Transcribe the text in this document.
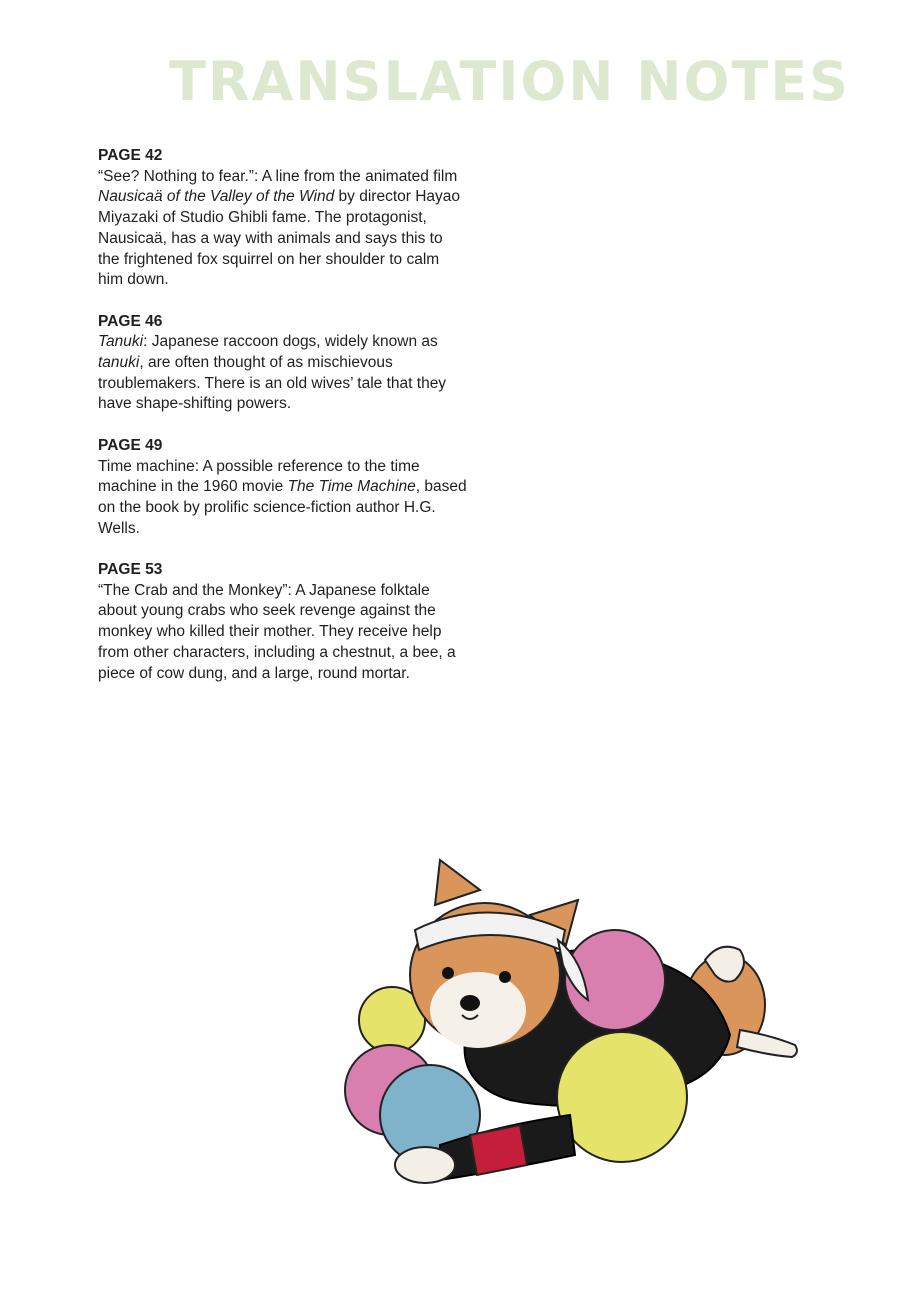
TRANSLATION NOTES
PAGE 42
“See? Nothing to fear.”: A line from the animated film Nausicaä of the Valley of the Wind by director Hayao Miyazaki of Studio Ghibli fame. The protagonist, Nausicaä, has a way with animals and says this to the frightened fox squirrel on her shoulder to calm him down.
PAGE 46
Tanuki: Japanese raccoon dogs, widely known as tanuki, are often thought of as mischievous troublemakers. There is an old wives’ tale that they have shape-shifting powers.
PAGE 49
Time machine: A possible reference to the time machine in the 1960 movie The Time Machine, based on the book by prolific science-fiction author H.G. Wells.
PAGE 53
“The Crab and the Monkey”: A Japanese folktale about young crabs who seek revenge against the monkey who killed their mother. They receive help from other characters, including a chestnut, a bee, a piece of cow dung, and a large, round mortar.
